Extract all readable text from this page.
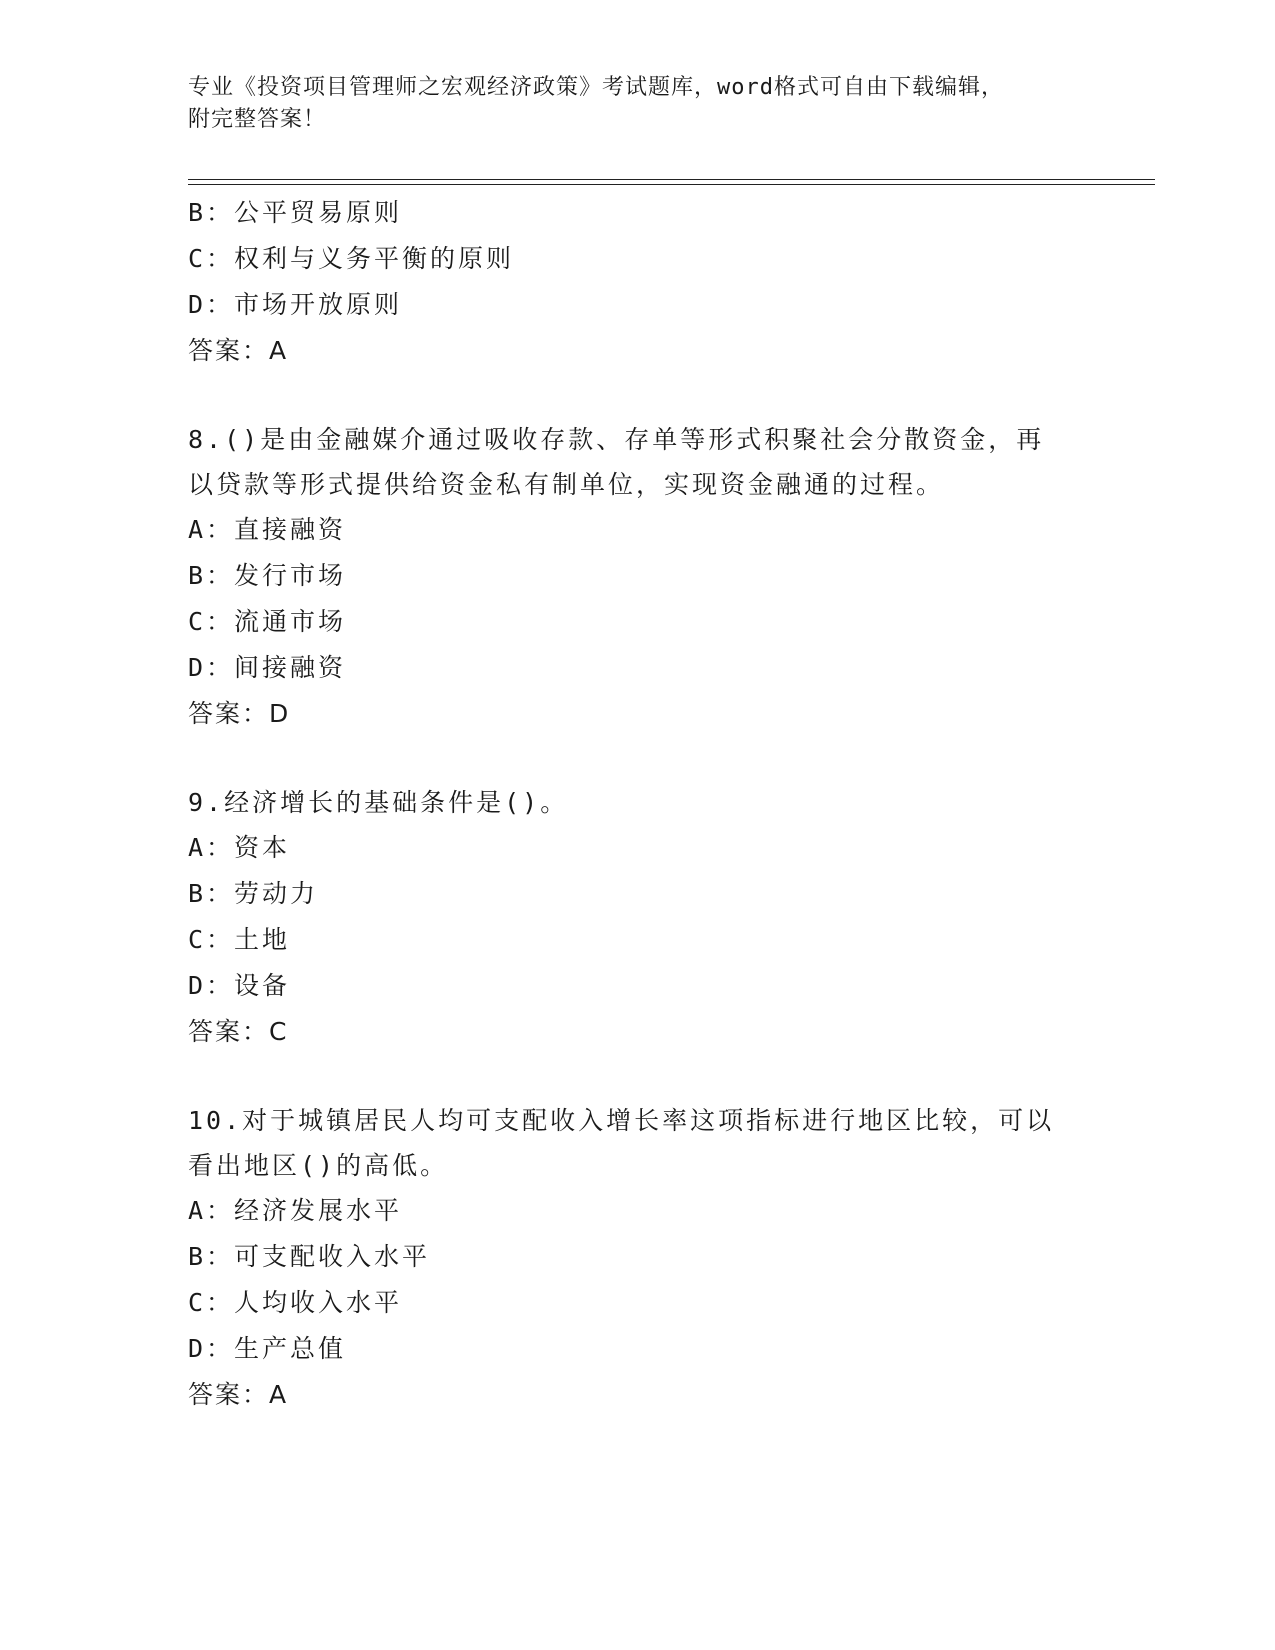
专业《投资项目管理师之宏观经济政策》考试题库，word格式可自由下载编辑，
附完整答案！
B：公平贸易原则
C：权利与义务平衡的原则
D：市场开放原则
答案：A
8.()是由金融媒介通过吸收存款、存单等形式积聚社会分散资金，再
以贷款等形式提供给资金私有制单位，实现资金融通的过程。
A：直接融资
B：发行市场
C：流通市场
D：间接融资
答案：D
9.经济增长的基础条件是()。
A：资本
B：劳动力
C：土地
D：设备
答案：C
10.对于城镇居民人均可支配收入增长率这项指标进行地区比较，可以
看出地区()的高低。
A：经济发展水平
B：可支配收入水平
C：人均收入水平
D：生产总值
答案：A
